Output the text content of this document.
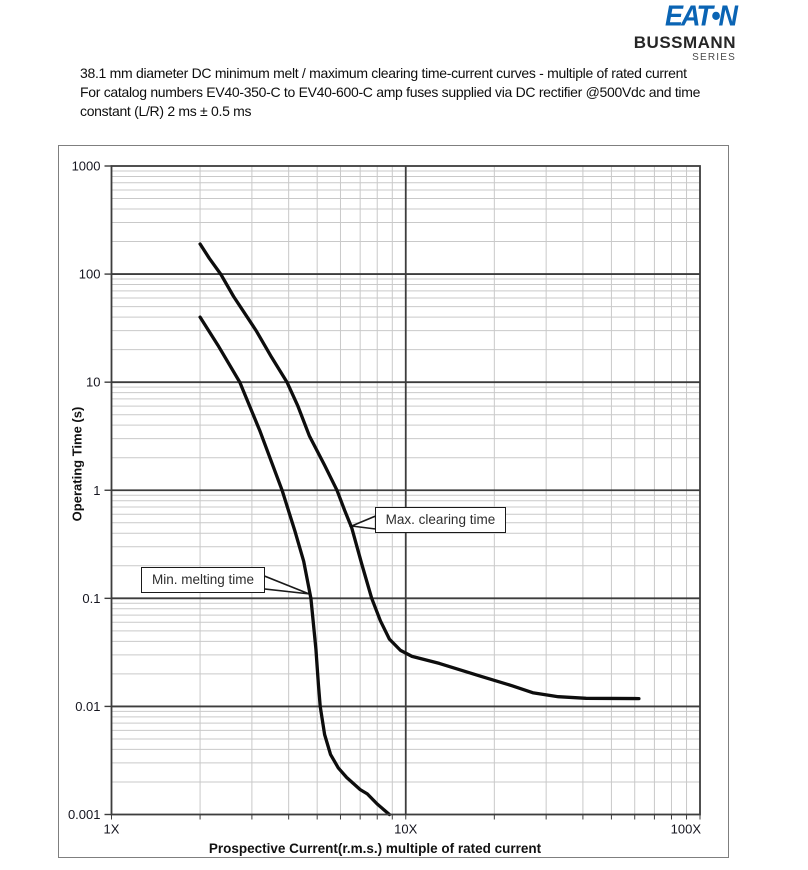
EAT•N
BUSSMANN
SERIES
38.1 mm diameter DC minimum melt / maximum clearing time-current curves - multiple of rated current
For catalog numbers EV40-350-C to EV40-600-C amp fuses supplied via DC rectifier @500Vdc and time
constant (L/R) 2 ms ± 0.5 ms
1000
100
10
1
0.1
0.01
0.001
1X	10X	100X
Operating Time (s)
Prospective Current(r.m.s.) multiple of rated current
Max. clearing time
Min. melting time
